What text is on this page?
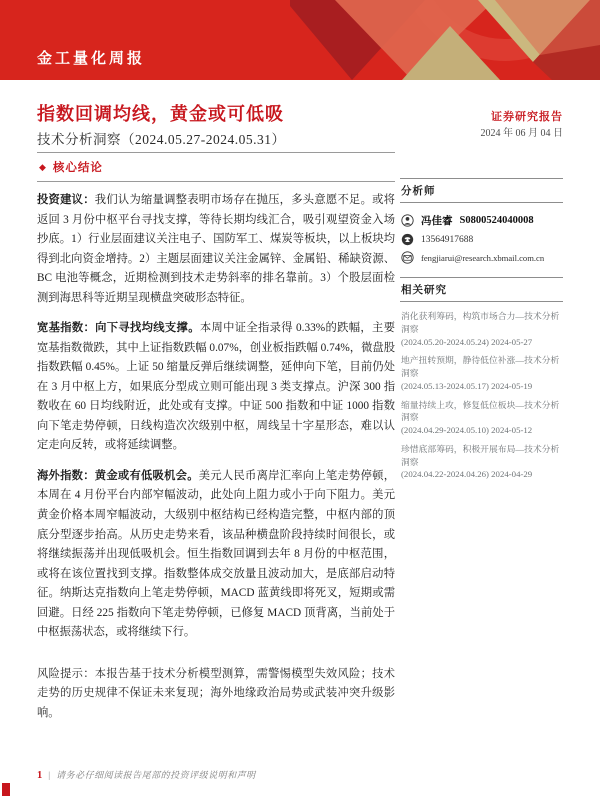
金工量化周报
指数回调均线，黄金或可低吸
技术分析洞察（2024.05.27-2024.05.31）
证券研究报告
2024 年 06 月 04 日
◆ 核心结论

投资建议：我们认为缩量调整表明市场存在抛压，多头意愿不足。或将返回 3 月份中枢平台寻找支撑，等待长期均线汇合，吸引观望资金入场抄底。1）行业层面建议关注电子、国防军工、煤炭等板块，以上板块均得到北向资金增持。2）主题层面建议关注金属锌、金属铅、稀缺资源、BC 电池等概念，近期检测到技术走势斜率的排名靠前。3）个股层面检测到海思科等近期呈现横盘突破形态特征。

宽基指数：向下寻找均线支撑。本周中证全指录得 0.33%的跌幅，主要宽基指数微跌，其中上证指数跌幅 0.07%，创业板指跌幅 0.74%，微盘股指数跌幅 0.45%。上证 50 缩量反弹后继续调整，延伸向下笔，目前仍处在 3 月中枢上方，如果底分型成立则可能出现 3 类支撑点。沪深 300 指数收在 60 日均线附近，此处或有支撑。中证 500 指数和中证 1000 指数向下笔走势停顿，日线构造次次级别中枢，周线呈十字星形态，难以认定走向反转，或将延续调整。

海外指数：黄金或有低吸机会。美元人民币离岸汇率向上笔走势停顿，本周在 4 月份平台内部窄幅波动，此处向上阻力或小于向下阻力。美元黄金价格本周窄幅波动，大级别中枢结构已经构造完整，中枢内部的顶底分型逐步抬高。从历史走势来看，该品种横盘阶段持续时间很长，或将继续振荡并出现低吸机会。恒生指数回调到去年 8 月份的中枢范围，或将在该位置找到支撑。指数整体成交放量且波动加大，是底部启动特征。纳斯达克指数向上笔走势停顿，MACD 蓝黄线即将死叉，短期或需回避。日经 225 指数向下笔走势停顿，已修复 MACD 顶背离，当前处于中枢振荡状态，或将继续下行。

风险提示：本报告基于技术分析模型测算，需警惕模型失效风险；技术走势的历史规律不保证未来复现；海外地缘政治局势或武装冲突升级影响。

分析师
冯佳睿 S0800524040008
13564917688
fengjiarui@research.xbmail.com.cn
相关研究
消化获利筹码，构筑市场合力—技术分析洞察
(2024.05.20-2024.05.24) 2024-05-27
地产扭转预期，静待低位补涨—技术分析洞察
(2024.05.13-2024.05.17) 2024-05-19
缩量持续上攻，修复低位板块—技术分析洞察
(2024.04.29-2024.05.10) 2024-05-12
珍惜底部筹码，积极开展布局—技术分析洞察
(2024.04.22-2024.04.26) 2024-04-29
1 | 请务必仔细阅读报告尾部的投资评级说明和声明
